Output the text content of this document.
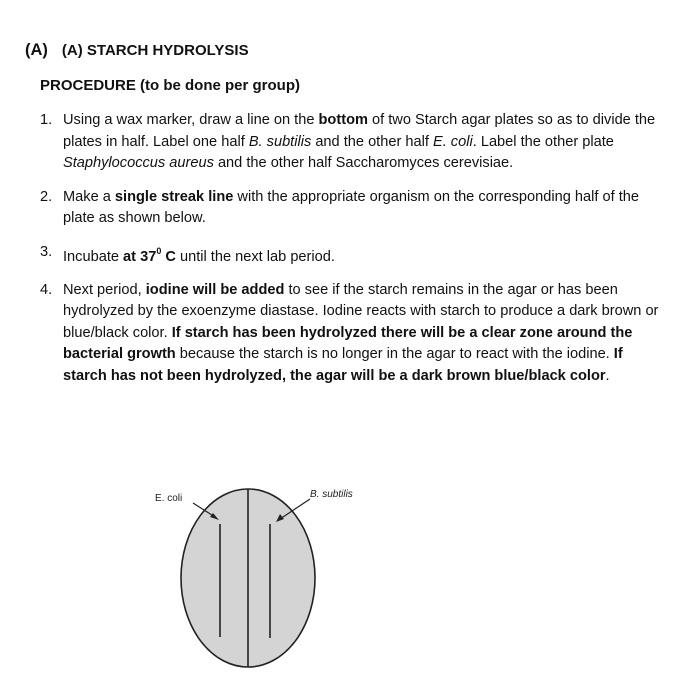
(A) (A) STARCH HYDROLYSIS
PROCEDURE (to be done per group)
1. Using a wax marker, draw a line on the bottom of two Starch agar plates so as to divide the plates in half. Label one half B. subtilis and the other half E. coli. Label the other plate Staphylococcus aureus and the other half Saccharomyces cerevisiae.
2. Make a single streak line with the appropriate organism on the corresponding half of the plate as shown below.
3. Incubate at $37^0$ C until the next lab period.
4. Next period, iodine will be added to see if the starch remains in the agar or has been hydrolyzed by the exoenzyme diastase. Iodine reacts with starch to produce a dark brown or blue/black color. If starch has been hydrolyzed there will be a clear zone around the bacterial growth because the starch is no longer in the agar to react with the iodine. If starch has not been hydrolyzed, the agar will be a dark brown blue/black color.
E. coli	B. subtilis
